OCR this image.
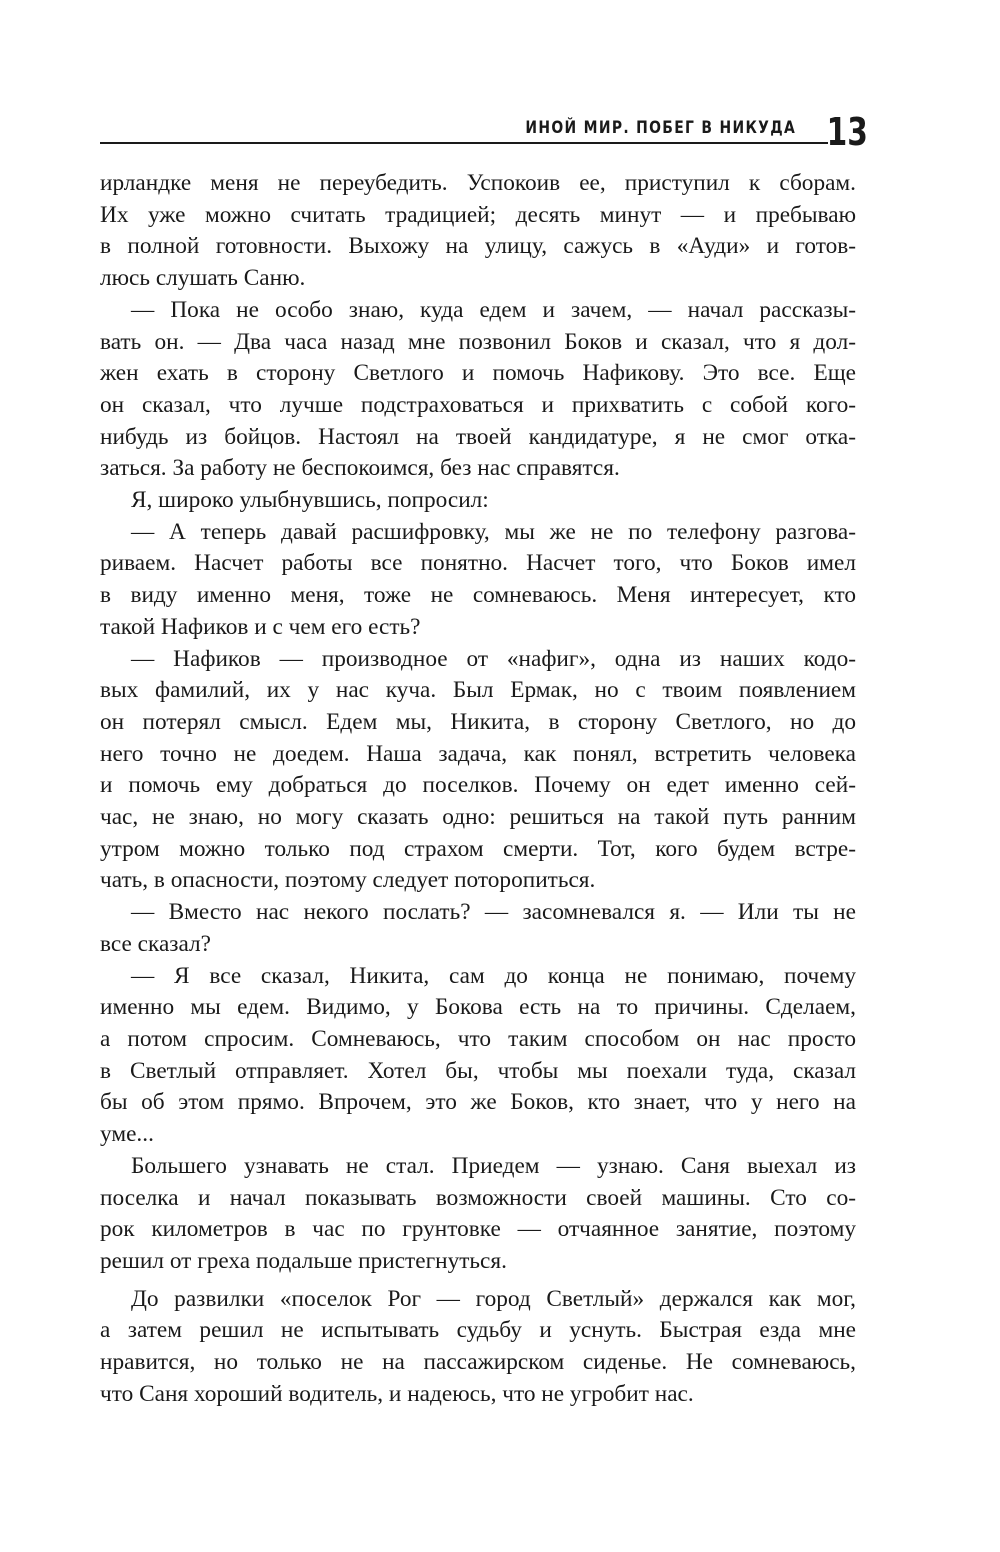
ИНОЙ МИР. ПОБЕГ В НИКУДА 13
ирландке меня не переубедить. Успокоив ее, приступил к сборам.
Их уже можно считать традицией; десять минут — и пребываю
в полной готовности. Выхожу на улицу, сажусь в «Ауди» и готов-
люсь слушать Саню.
— Пока не особо знаю, куда едем и зачем, — начал рассказы-
вать он. — Два часа назад мне позвонил Боков и сказал, что я дол-
жен ехать в сторону Светлого и помочь Нафикову. Это все. Еще
он сказал, что лучше подстраховаться и прихватить с собой кого-
нибудь из бойцов. Настоял на твоей кандидатуре, я не смог отка-
заться. За работу не беспокоимся, без нас справятся.
Я, широко улыбнувшись, попросил:
— А теперь давай расшифровку, мы же не по телефону разгова-
риваем. Насчет работы все понятно. Насчет того, что Боков имел
в виду именно меня, тоже не сомневаюсь. Меня интересует, кто
такой Нафиков и с чем его есть?
— Нафиков — производное от «нафиг», одна из наших кодо-
вых фамилий, их у нас куча. Был Ермак, но с твоим появлением
он потерял смысл. Едем мы, Никита, в сторону Светлого, но до
него точно не доедем. Наша задача, как понял, встретить человека
и помочь ему добраться до поселков. Почему он едет именно сей-
час, не знаю, но могу сказать одно: решиться на такой путь ранним
утром можно только под страхом смерти. Тот, кого будем встре-
чать, в опасности, поэтому следует поторопиться.
— Вместо нас некого послать? — засомневался я. — Или ты не
все сказал?
— Я все сказал, Никита, сам до конца не понимаю, почему
именно мы едем. Видимо, у Бокова есть на то причины. Сделаем,
а потом спросим. Сомневаюсь, что таким способом он нас просто
в Светлый отправляет. Хотел бы, чтобы мы поехали туда, сказал
бы об этом прямо. Впрочем, это же Боков, кто знает, что у него на
уме...
Большего узнавать не стал. Приедем — узнаю. Саня выехал из
поселка и начал показывать возможности своей машины. Сто со-
рок километров в час по грунтовке — отчаянное занятие, поэтому
решил от греха подальше пристегнуться.
До развилки «поселок Рог — город Светлый» держался как мог,
а затем решил не испытывать судьбу и уснуть. Быстрая езда мне
нравится, но только не на пассажирском сиденье. Не сомневаюсь,
что Саня хороший водитель, и надеюсь, что не угробит нас.
